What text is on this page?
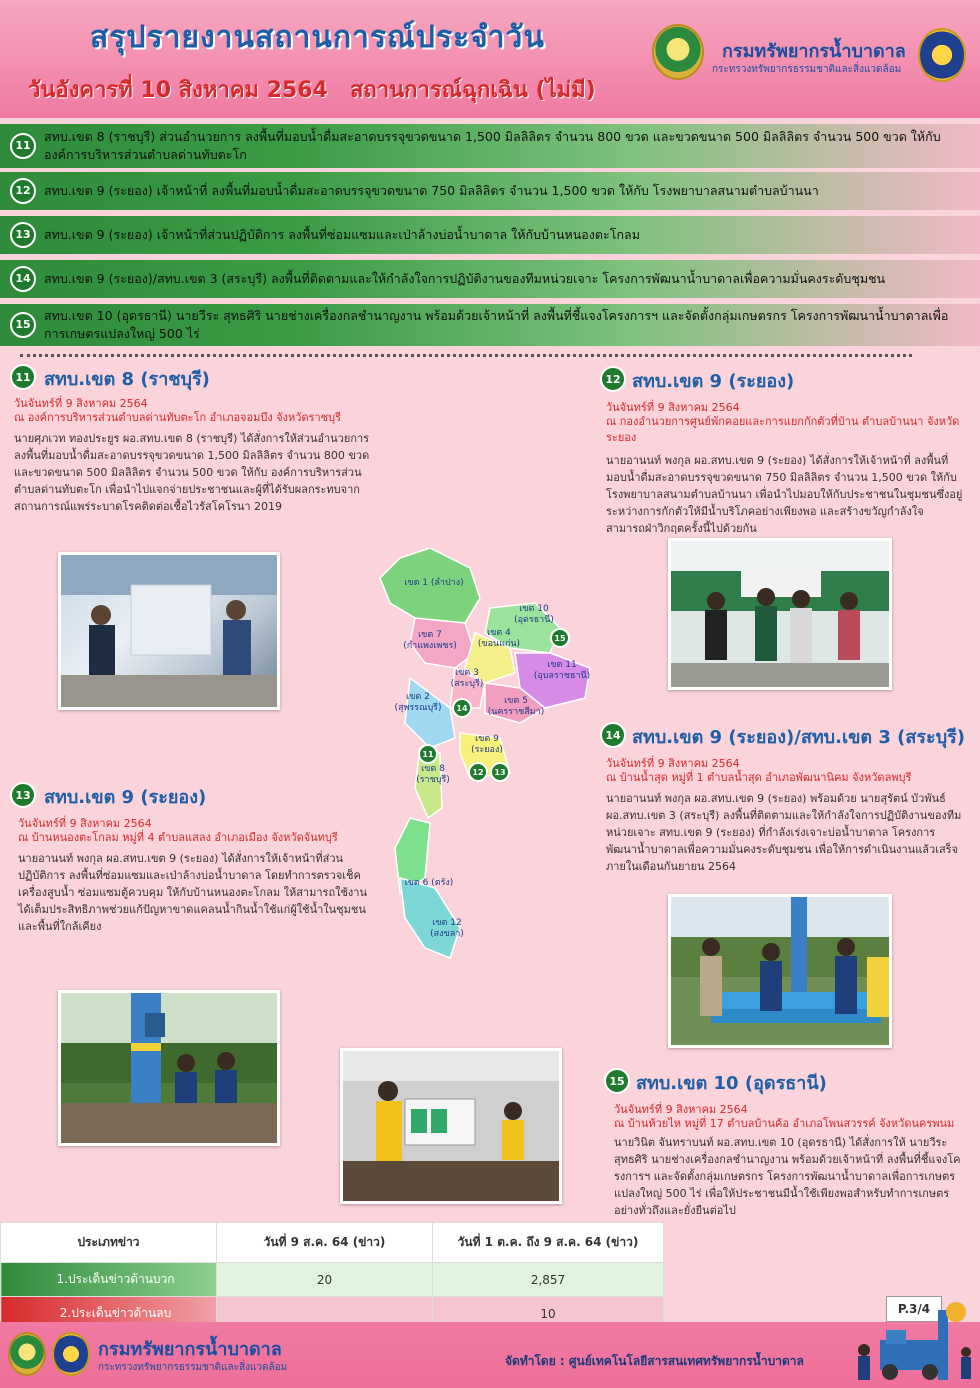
สรุปรายงานสถานการณ์ประจำวัน
วันอังคารที่ 10 สิงหาคม 2564 สถานการณ์ฉุกเฉิน (ไม่มี)
กรมทรัพยากรน้ำบาดาล
กระทรวงทรัพยากรธรรมชาติและสิ่งแวดล้อม
11
สทบ.เขต 8 (ราชบุรี) ส่วนอำนวยการ ลงพื้นที่มอบน้ำดื่มสะอาดบรรจุขวดขนาด 1,500 มิลลิลิตร จำนวน 800 ขวด และขวดขนาด 500 มิลลิลิตร จำนวน 500 ขวด ให้กับองค์การบริหารส่วนตำบลด่านทับตะโก
12	สทบ.เขต 9 (ระยอง) เจ้าหน้าที่ ลงพื้นที่มอบน้ำดื่มสะอาดบรรจุขวดขนาด 750 มิลลิลิตร จำนวน 1,500 ขวด ให้กับ โรงพยาบาลสนามตำบลบ้านนา
13	สทบ.เขต 9 (ระยอง) เจ้าหน้าที่ส่วนปฏิบัติการ ลงพื้นที่ซ่อมแซมและเป่าล้างบ่อน้ำบาดาล ให้กับบ้านหนองตะโกลม
14	สทบ.เขต 9 (ระยอง)/สทบ.เขต 3 (สระบุรี) ลงพื้นที่ติดตามและให้กำลังใจการปฏิบัติงานของทีมหน่วยเจาะ โครงการพัฒนาน้ำบาดาลเพื่อความมั่นคงระดับชุมชน
15
สทบ.เขต 10 (อุดรธานี) นายวีระ สุทธศิริ นายช่างเครื่องกลชำนาญงาน พร้อมด้วยเจ้าหน้าที่ ลงพื้นที่ชี้แจงโครงการฯ และจัดตั้งกลุ่มเกษตรกร โครงการพัฒนาน้ำบาดาลเพื่อการเกษตรแปลงใหญ่ 500 ไร่
11 สทบ.เขต 8 (ราชบุรี)
วันจันทร์ที่ 9 สิงหาคม 2564
ณ องค์การบริหารส่วนตำบลด่านทับตะโก อำเภอจอมบึง จังหวัดราชบุรี
นายศุภเวท ทองประยูร ผอ.สทบ.เขต 8 (ราชบุรี) ได้สั่งการให้ส่วนอำนวยการ ลงพื้นที่มอบน้ำดื่มสะอาดบรรจุขวดขนาด 1,500 มิลลิลิตร จำนวน 800 ขวด และขวดขนาด 500 มิลลิลิตร จำนวน 500 ขวด ให้กับ องค์การบริหารส่วนตำบลด่านทับตะโก เพื่อนำไปแจกจ่ายประชาชนและผู้ที่ได้รับผลกระทบจากสถานการณ์แพร่ระบาดโรคติดต่อเชื้อไวรัสโคโรนา 2019
12 สทบ.เขต 9 (ระยอง)
วันจันทร์ที่ 9 สิงหาคม 2564
ณ กองอำนวยการศูนย์พักคอยและการแยกกักตัวที่บ้าน ตำบลบ้านนา จังหวัดระยอง
นายอานนท์ พงกุล ผอ.สทบ.เขต 9 (ระยอง) ได้สั่งการให้เจ้าหน้าที่ ลงพื้นที่มอบน้ำดื่มสะอาดบรรจุขวดขนาด 750 มิลลิลิตร จำนวน 1,500 ขวด ให้กับ โรงพยาบาลสนามตำบลบ้านนา เพื่อนำไปมอบให้กับประชาชนในชุมชนซึ่งอยู่ระหว่างการกักตัวให้มีน้ำบริโภคอย่างเพียงพอ และสร้างขวัญกำลังใจ สามารถฝ่าวิกฤตครั้งนี้ไปด้วยกัน
เขต 1 (ลำปาง)
เขต 7 (กำแพงเพชร)
เขต 10 (อุดรธานี)
เขต 4 (ขอนแก่น)
เขต 3 (สระบุรี)
เขต 11 (อุบลราชธานี)
เขต 2 (สุพรรณบุรี)
เขต 5 (นครราชสีมา)
เขต 9 (ระยอง)
เขต 8 (ราชบุรี)
เขต 6 (ตรัง)
เขต 12 (สงขลา)
11
12	13
14
15
13 สทบ.เขต 9 (ระยอง)
วันจันทร์ที่ 9 สิงหาคม 2564
ณ บ้านหนองตะโกลม หมู่ที่ 4 ตำบลแสลง อำเภอเมือง จังหวัดจันทบุรี
นายอานนท์ พงกุล ผอ.สทบ.เขต 9 (ระยอง) ได้สั่งการให้เจ้าหน้าที่ส่วนปฏิบัติการ ลงพื้นที่ซ่อมแซมและเป่าล้างบ่อน้ำบาดาล โดยทำการตรวจเช็คเครื่องสูบน้ำ ซ่อมแซมตู้ควบคุม ให้กับบ้านหนองตะโกลม ให้สามารถใช้งานได้เต็มประสิทธิภาพช่วยแก้ปัญหาขาดแคลนน้ำกินน้ำใช้แก่ผู้ใช้น้ำในชุมชนและพื้นที่ใกล้เคียง
14 สทบ.เขต 9 (ระยอง)/สทบ.เขต 3 (สระบุรี)
วันจันทร์ที่ 9 สิงหาคม 2564
ณ บ้านน้ำสุด หมู่ที่ 1 ตำบลน้ำสุด อำเภอพัฒนานิคม จังหวัดลพบุรี
นายอานนท์ พงกุล ผอ.สทบ.เขต 9 (ระยอง) พร้อมด้วย นายสุรัตน์ บัวพันธ์ ผอ.สทบ.เขต 3 (สระบุรี) ลงพื้นที่ติดตามและให้กำลังใจการปฏิบัติงานของทีมหน่วยเจาะ สทบ.เขต 9 (ระยอง) ที่กำลังเร่งเจาะบ่อน้ำบาดาล โครงการพัฒนาน้ำบาดาลเพื่อความมั่นคงระดับชุมชน เพื่อให้การดำเนินงานแล้วเสร็จภายในเดือนกันยายน 2564
15 สทบ.เขต 10 (อุดรธานี)
วันจันทร์ที่ 9 สิงหาคม 2564
ณ บ้านห้วยไห หมู่ที่ 17 ตำบลบ้านค้อ อำเภอโพนสวรรค์ จังหวัดนครพนม
นายวินิต จันทราบนท์ ผอ.สทบ.เขต 10 (อุดรธานี) ได้สั่งการให้ นายวีระ สุทธศิริ นายช่างเครื่องกลชำนาญงาน พร้อมด้วยเจ้าหน้าที่ ลงพื้นที่ชี้แจงโครงการฯ และจัดตั้งกลุ่มเกษตรกร โครงการพัฒนาน้ำบาดาลเพื่อการเกษตรแปลงใหญ่ 500 ไร่ เพื่อให้ประชาชนมีน้ำใช้เพียงพอสำหรับทำการเกษตรอย่างทั่วถึงและยั่งยืนต่อไป
ประเภทข่าว	วันที่ 9 ส.ค. 64 (ข่าว)	วันที่ 1 ต.ค. ถึง 9 ส.ค. 64 (ข่าว)
1.ประเด็นข่าวด้านบวก	20	2,857
2.ประเด็นข่าวด้านลบ		10	P.3/4
กรมทรัพยากรน้ำบาดาล
กระทรวงทรัพยากรธรรมชาติและสิ่งแวดล้อม	จัดทำโดย : ศูนย์เทคโนโลยีสารสนเทศทรัพยากรน้ำบาดาล
